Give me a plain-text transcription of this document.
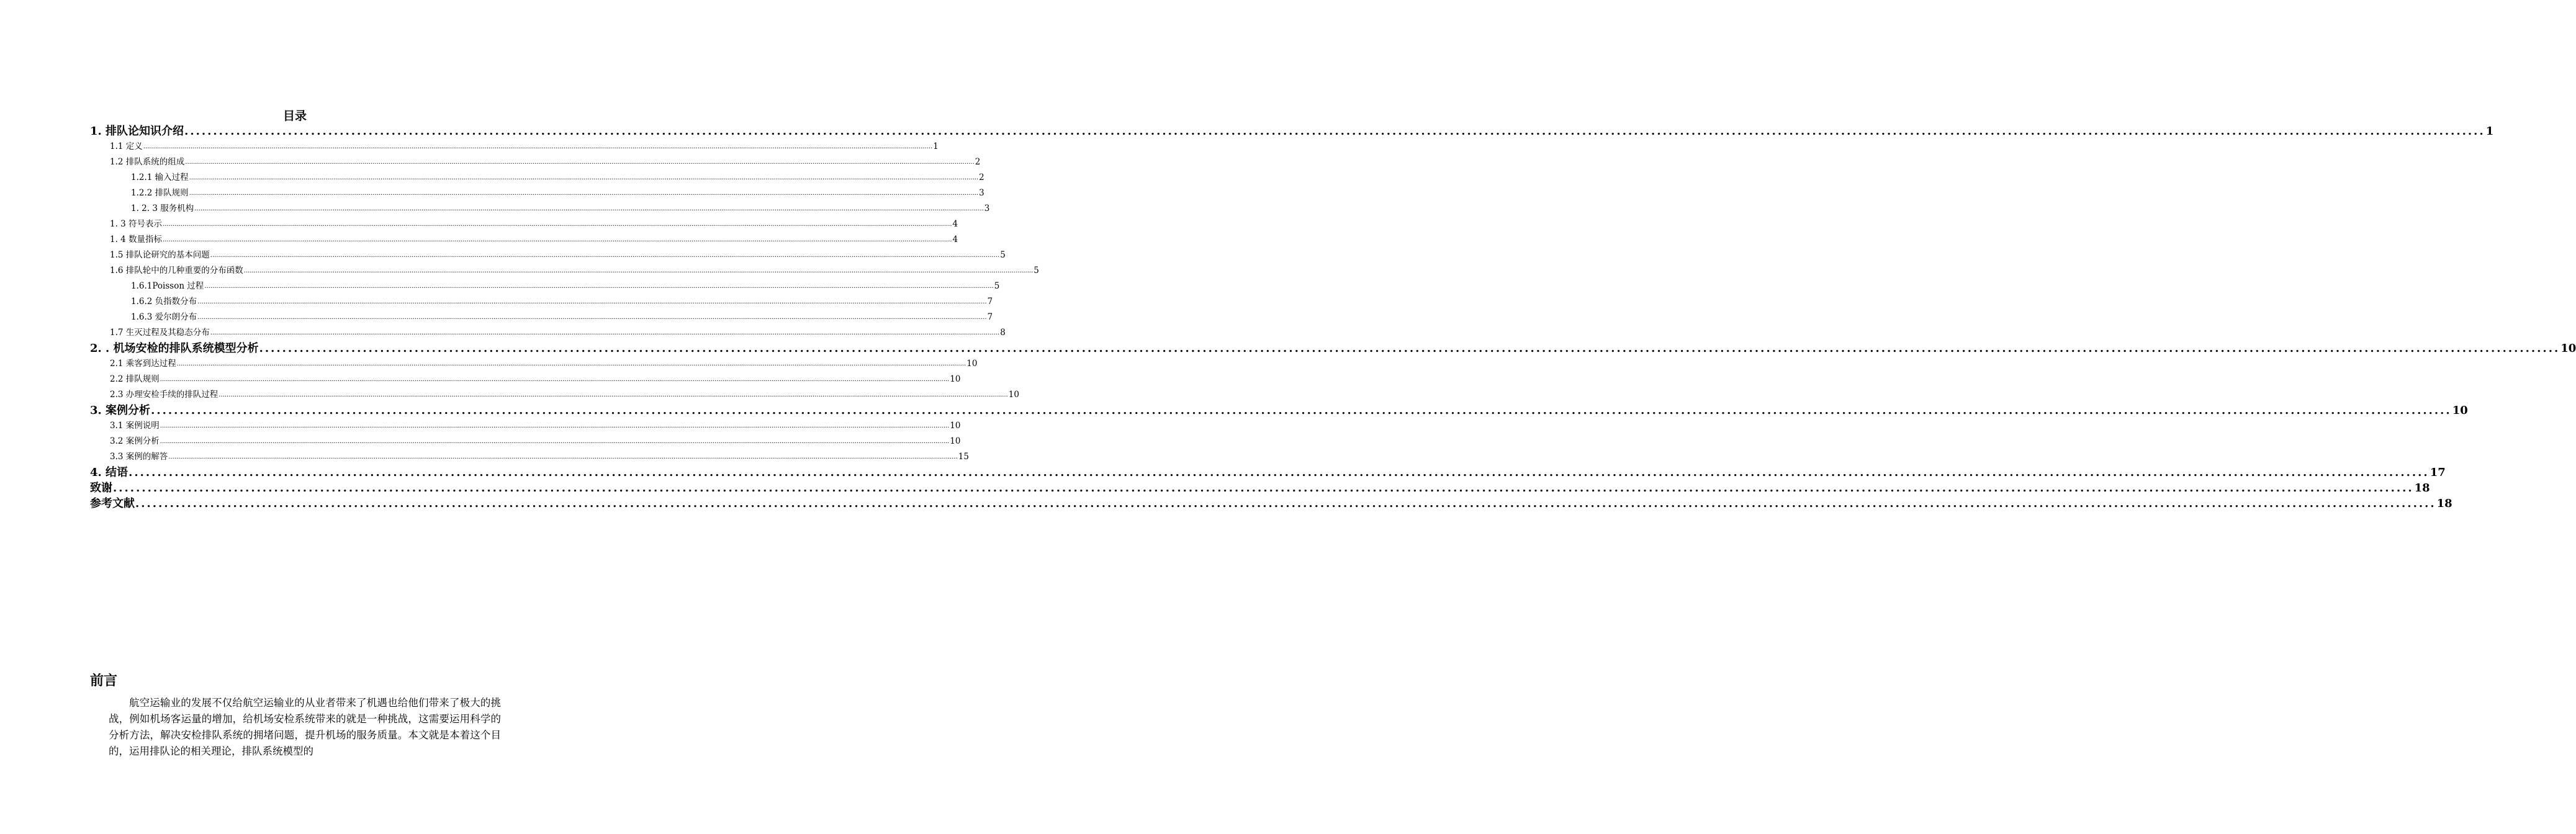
目录
1. 排队论知识介绍 ................................................................................................................................................................................................................................................................................................................................................................................................................ 1
1.1 定义 ................................................................................................................................................................................................................................................................................................................................................................................................................ 1
1.2 排队系统的组成 ................................................................................................................................................................................................................................................................................................................................................................................................................ 2
1.2.1 输入过程 ................................................................................................................................................................................................................................................................................................................................................................................................................ 2
1.2.2 排队规则 ................................................................................................................................................................................................................................................................................................................................................................................................................ 3
1. 2. 3 服务机构 ................................................................................................................................................................................................................................................................................................................................................................................................................ 3
1. 3 符号表示 ................................................................................................................................................................................................................................................................................................................................................................................................................ 4
1. 4 数量指标 ................................................................................................................................................................................................................................................................................................................................................................................................................ 4
1.5 排队论研究的基本问题 ................................................................................................................................................................................................................................................................................................................................................................................................................ 5
1.6 排队轮中的几种重要的分布函数 ................................................................................................................................................................................................................................................................................................................................................................................................................ 5
1.6.1Poisson 过程 ................................................................................................................................................................................................................................................................................................................................................................................................................ 5
1.6.2 负指数分布 ................................................................................................................................................................................................................................................................................................................................................................................................................ 7
1.6.3 爱尔朗分布 ................................................................................................................................................................................................................................................................................................................................................................................................................ 7
1.7 生灭过程及其稳态分布 ................................................................................................................................................................................................................................................................................................................................................................................................................ 8
2. . 机场安检的排队系统模型分析 ................................................................................................................................................................................................................................................................................................................................................................................................................ 10
2.1 乘客到达过程 ................................................................................................................................................................................................................................................................................................................................................................................................................ 10
2.2 排队规则 ................................................................................................................................................................................................................................................................................................................................................................................................................ 10
2.3 办理安检手续的排队过程 ................................................................................................................................................................................................................................................................................................................................................................................................................ 10
3. 案例分析 ................................................................................................................................................................................................................................................................................................................................................................................................................ 10
3.1 案例说明 ................................................................................................................................................................................................................................................................................................................................................................................................................ 10
3.2 案例分析 ................................................................................................................................................................................................................................................................................................................................................................................................................ 10
3.3 案例的解答 ................................................................................................................................................................................................................................................................................................................................................................................................................ 15
4. 结语 ................................................................................................................................................................................................................................................................................................................................................................................................................ 17
致谢 ................................................................................................................................................................................................................................................................................................................................................................................................................ 18
参考文献 ................................................................................................................................................................................................................................................................................................................................................................................................................ 18
前言

航空运输业的发展不仅给航空运输业的从业者带来了机遇也给他们带来了极大的挑战，例如机场客运量的增加，给机场安检系统带来的就是一种挑战，这需要运用科学的分析方法，解决安检排队系统的拥堵问题，提升机场的服务质量。本文就是本着这个目的，运用排队论的相关理论，排队系统模型的
